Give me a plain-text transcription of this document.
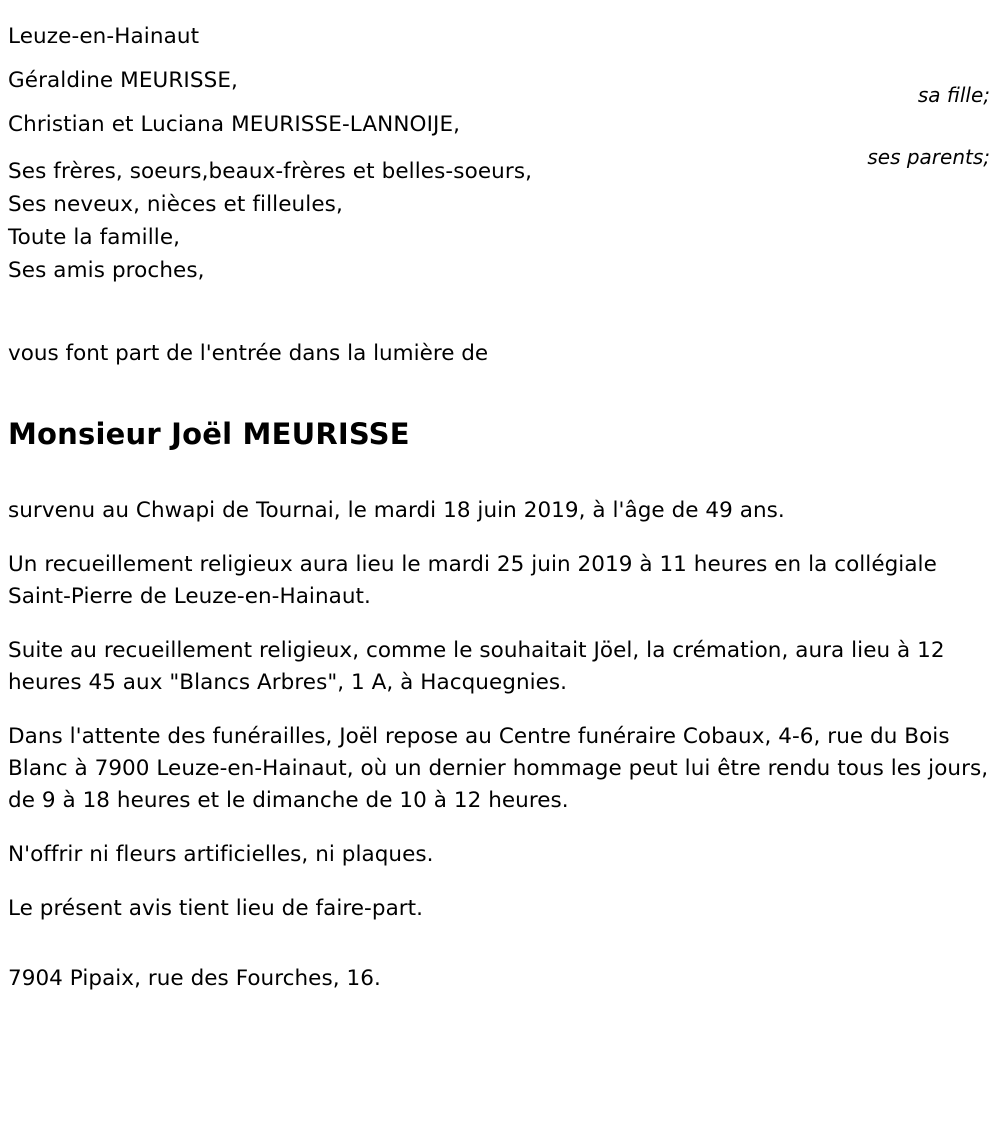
Leuze-en-Hainaut
Géraldine MEURISSE,
Christian et Luciana MEURISSE-LANNOIJE,
sa fille;
ses parents;
Ses frères, soeurs,beaux-frères et belles-soeurs,
Ses neveux, nièces et filleules,
Toute la famille,
Ses amis proches,
vous font part de l'entrée dans la lumière de
Monsieur Joël MEURISSE

survenu au Chwapi de Tournai, le mardi 18 juin 2019, à l'âge de 49 ans.

Un recueillement religieux aura lieu le mardi 25 juin 2019 à 11 heures en la collégiale Saint-Pierre de Leuze-en-Hainaut.

Suite au recueillement religieux, comme le souhaitait Jöel, la crémation, aura lieu à 12 heures 45 aux "Blancs Arbres", 1 A, à Hacquegnies.

Dans l'attente des funérailles, Joël repose au Centre funéraire Cobaux, 4-6, rue du Bois Blanc à 7900 Leuze-en-Hainaut, où un dernier hommage peut lui être rendu tous les jours, de 9 à 18 heures et le dimanche de 10 à 12 heures.

N'offrir ni fleurs artificielles, ni plaques.

Le présent avis tient lieu de faire-part.

7904 Pipaix, rue des Fourches, 16.
